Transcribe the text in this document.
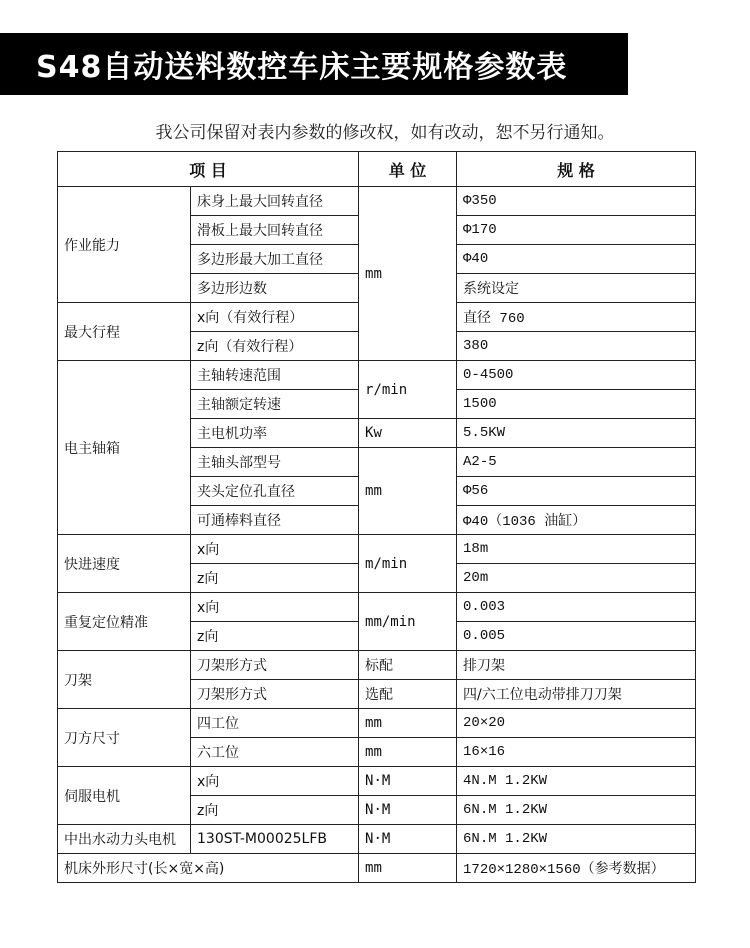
S48自动送料数控车床主要规格参数表
我公司保留对表内参数的修改权，如有改动，恕不另行通知。
项 目		单 位	规 格
作业能力	床身上最大回转直径	mm	Φ350
	滑板上最大回转直径		Φ170
	多边形最大加工直径		Φ40
	多边形边数		系统设定
最大行程	x向（有效行程）		直径 760
	z向（有效行程）		380
电主轴箱	主轴转速范围	r/min	0-4500
	主轴额定转速		1500
	主电机功率	Kw	5.5KW
	主轴头部型号	mm	A2-5
	夹头定位孔直径		Φ56
	可通棒料直径		Φ40（1036 油缸）
快进速度	x向	m/min	18m
	z向		20m
重复定位精准	x向	mm/min	0.003
	z向		0.005
刀架	刀架形方式	标配	排刀架
	刀架形方式	选配	四/六工位电动带排刀刀架
刀方尺寸	四工位	mm	20×20
	六工位	mm	16×16
伺服电机	x向	N·M	4N.M 1.2KW
	z向	N·M	6N.M 1.2KW
中出水动力头电机	130ST-M00025LFB	N·M	6N.M 1.2KW
机床外形尺寸(长×宽×高)		mm	1720×1280×1560（参考数据）
